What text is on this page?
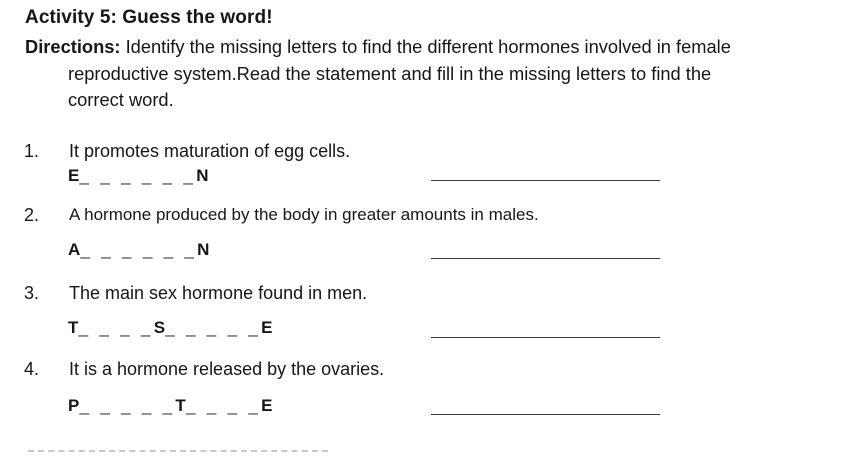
Activity 5: Guess the word!
Directions: Identify the missing letters to find the different hormones involved in female
reproductive system.Read the statement and fill in the missing letters to find the
correct word.
1. It promotes maturation of egg cells.
E_ _ _ _ _ _N
2. A hormone produced by the body in greater amounts in males.
A_ _ _ _ _ _N
3. The main sex hormone found in men.
T_ _ _ _S_ _ _ _ _E
4. It is a hormone released by the ovaries.
P_ _ _ _ _T_ _ _ _E
